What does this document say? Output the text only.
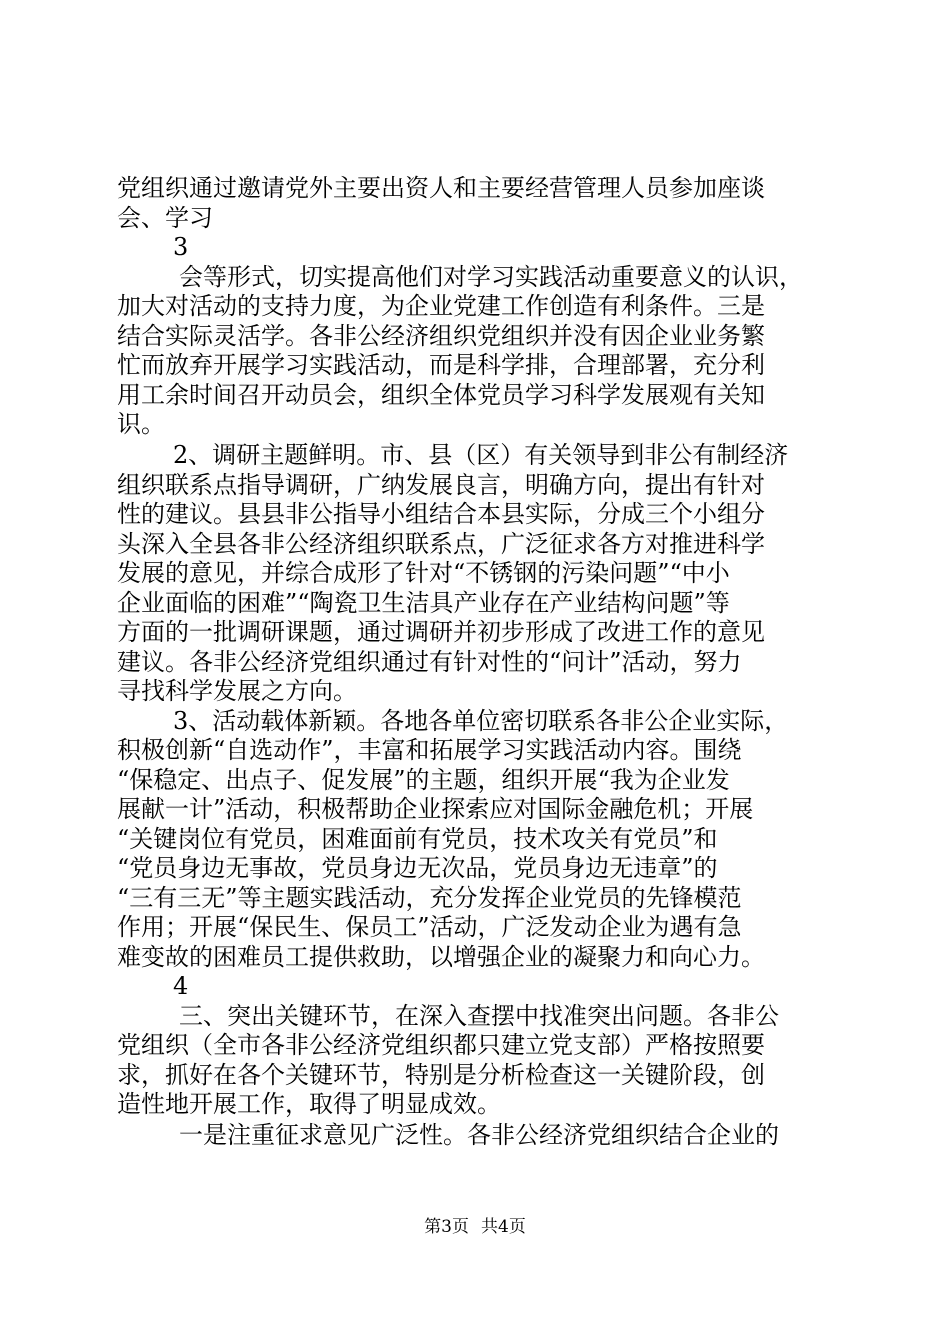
党组织通过邀请党外主要出资人和主要经营管理人员参加座谈
会、学习
3
会等形式，切实提高他们对学习实践活动重要意义的认识，
加大对活动的支持力度，为企业党建工作创造有利条件。三是
结合实际灵活学。各非公经济组织党组织并没有因企业业务繁
忙而放弃开展学习实践活动，而是科学排，合理部署，充分利
用工余时间召开动员会，组织全体党员学习科学发展观有关知
识。
2、调研主题鲜明。市、县（区）有关领导到非公有制经济
组织联系点指导调研，广纳发展良言，明确方向，提出有针对
性的建议。县县非公指导小组结合本县实际，分成三个小组分
头深入全县各非公经济组织联系点，广泛征求各方对推进科学
发展的意见，并综合成形了针对“不锈钢的污染问题”“中小
企业面临的困难”“陶瓷卫生洁具产业存在产业结构问题”等
方面的一批调研课题，通过调研并初步形成了改进工作的意见
建议。各非公经济党组织通过有针对性的“问计”活动，努力
寻找科学发展之方向。
3、活动载体新颖。各地各单位密切联系各非公企业实际，
积极创新“自选动作”，丰富和拓展学习实践活动内容。围绕
“保稳定、出点子、促发展”的主题，组织开展“我为企业发
展献一计”活动，积极帮助企业探索应对国际金融危机；开展
“关键岗位有党员，困难面前有党员，技术攻关有党员”和
“党员身边无事故，党员身边无次品，党员身边无违章”的
“三有三无”等主题实践活动，充分发挥企业党员的先锋模范
作用；开展“保民生、保员工”活动，广泛发动企业为遇有急
难变故的困难员工提供救助，以增强企业的凝聚力和向心力。
4
三、突出关键环节，在深入查摆中找准突出问题。各非公
党组织（全市各非公经济党组织都只建立党支部）严格按照要
求，抓好在各个关键环节，特别是分析检查这一关键阶段，创
造性地开展工作，取得了明显成效。
一是注重征求意见广泛性。各非公经济党组织结合企业的
第3页 共4页
